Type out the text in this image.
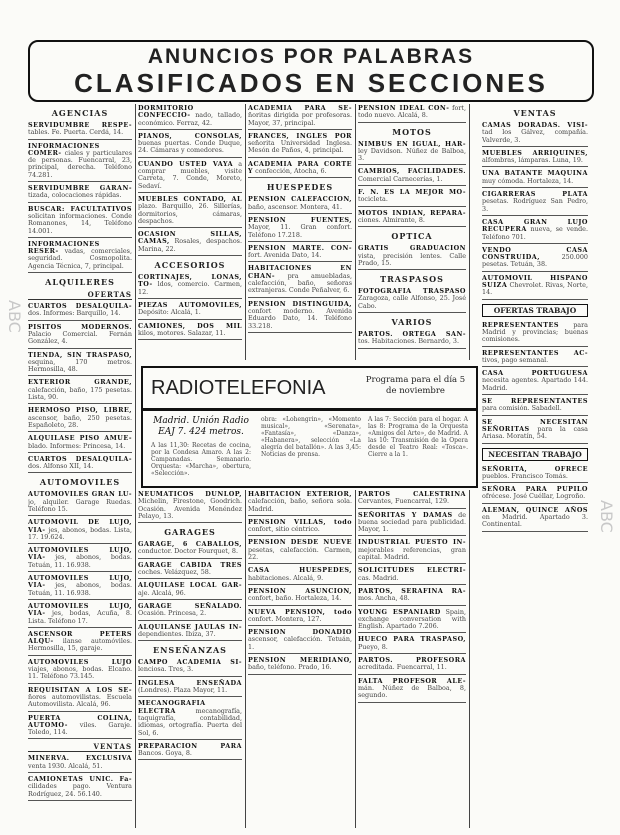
ABC
ABC
ANUNCIOS POR PALABRAS
CLASIFICADOS EN SECCIONES
AGENCIAS
SERVIDUMBRE RESPE- tables. Fe. Puerta. Cerdá, 14.
INFORMACIONES COMER- ciales y particulares de personas. Fuencarral, 23, principal, derecha. Teléfono 74.281.
SERVIDUMBRE GARAN- tizada, colocaciones rápidas.
BUSCAR: FACULTATIVOS solicitan informaciones. Conde Romanones, 14, Teléfono 14.001.
INFORMACIONES RESER- vadas, comerciales, seguridad. Cosmopolita. Agencia Técnica, 7, principal.
ALQUILERES
OFERTAS
CUARTOS DESALQUILA- dos. Informes: Barquillo, 14.
PISITOS MODERNOS. Palacio Comercial. Fernán González, 4.
TIENDA, SIN TRASPASO, esquina, 170 metros. Hermosilla, 48.
EXTERIOR GRANDE, calefacción, baño, 175 pesetas. Lista, 90.
HERMOSO PISO, LIBRE, ascensor, baño, 250 pesetas. Españoleto, 28.
ALQUILASE PISO AMUE- blado. Informes: Princesa, 14.
CUARTOS DESALQUILA- dos. Alfonso XII, 14.
AUTOMOVILES
AUTOMOVILES GRAN LU- jo, alquiler. Garage Ruedas. Teléfono 15.
AUTOMOVIL DE LUJO, VIA- jes, abonos, bodas. Lista, 17. 19.624.
AUTOMOVILES LUJO, VIA- jes, abonos, bodas. Tetuán, 11. 16.938.
AUTOMOVILES LUJO, VIA- jes, abonos, bodas. Tetuán, 11. 16.938.
AUTOMOVILES LUJO, VIA- jes, bodas, Acuña, 8. Lista. Teléfono 17.
ASCENSOR PETERS ALQU- ilanse automóviles. Hermosilla, 15, garaje.
AUTOMOVILES LUJO viajes, abonos, bodas. Elcano. 11. Teléfono 73.145.
REQUISITAN A LOS SE- ñores automovilistas. Escuela Automovilista. Alcalá, 96.
PUERTA COLINA, AUTOMO- viles. Garaje. Toledo, 114.
VENTAS
MINERVA. EXCLUSIVA venta 1930. Alcalá, 51.
CAMIONETAS UNIC. Fa- cilidades pago. Ventura Rodríguez, 24. 56.140.
DORMITORIO CONFECCIO- nado, tallado, económico. Ferraz, 42.
PIANOS, CONSOLAS, buenas puertas. Conde Duque, 24. Cámaras y comedores.
CUANDO USTED VAYA a comprar muebles, visite Carreta, 7. Conde, Moreto, Sedaví.
MUEBLES CONTADO, AL plazo. Barquillo, 26. Sillerías, dormitorios, cámaras, despachos.
OCASION SILLAS, CAMAS, Rosales, despachos. Marina, 22.
ACCESORIOS
CORTINAJES, LONAS, TO- ldos, comercio. Carmen, 12.
PIEZAS AUTOMOVILES, Depósito: Alcalá, 1.
CAMIONES, DOS MIL kilos, motores. Salazar, 11.
NEUMATICOS DUNLOP, Michelin, Firestone, Goodrich. Ocasión. Avenida Menéndez Pelayo, 13.
GARAGES
GARAGE, 6 CABALLOS, conductor. Doctor Fourquet, 8.
GARAGE CABIDA TRES coches. Velázquez, 58.
ALQUILASE LOCAL GAR- aje. Alcalá, 96.
GARAGE SEÑALADO. Ocasión. Princesa, 2.
ALQUILANSE JAULAS IN- dependientes. Ibiza, 37.
ENSEÑANZAS
CAMPO ACADEMIA SI- lenciosa. Tres, 3.
INGLESA ENSEÑADA (Londres). Plaza Mayor, 11.
MECANOGRAFIA ELECTRA	mecanografía, taquigrafía, contabilidad, idiomas, ortografía. Puerta del Sol, 6.
PREPARACION PARA Bancos. Goya, 8.
ACADEMIA PARA SE- ñoritas dirigida por profesoras. Mayor, 37, principal.
FRANCES, INGLES POR señorita Universidad Inglesa. Mesón de Paños, 4, principal.
ACADEMIA PARA CORTE Y confección, Atocha, 6.
HUESPEDES
PENSION CALEFACCION, baño, ascensor. Montera, 41.
PENSION FUENTES, Mayor, 11. Gran confort. Teléfono 17.218.
PENSION MARTE. CON- fort. Avenida Dato, 14.
HABITACIONES EN CHAN- pra amuebladas, calefacción, baño, señoras extranjeras. Conde Peñalver, 6.
PENSION DISTINGUIDA, confort moderno. Avenida Eduardo Dato, 14. Teléfono 33.218.
HABITACION EXTERIOR, calefacción, baño, señora sola. Madrid.
PENSION VILLAS, todo confort, sitio céntrico.
PENSION DESDE NUEVE pesetas, calefacción. Carmen, 22.
CASA HUESPEDES, habitaciones. Alcalá, 9.
PENSION ASUNCION, confort, baño. Hortaleza, 14.
NUEVA PENSION, todo confort. Montera, 127.
PENSION DONADIO ascensor, calefacción. Tetuán, 1.
PENSION MERIDIANO, baño, teléfono. Prado, 16.
PENSION IDEAL CON- fort, todo nuevo. Alcalá, 8.
MOTOS
NIMBUS EN IGUAL, HAR- ley Davidson. Núñez de Balboa, 3.
CAMBIOS, FACILIDADES. Comercial Carnecerías, 1.
F. N. ES LA MEJOR MO- tocicleta.
MOTOS INDIAN, REPARA- ciones. Almirante, 8.
OPTICA
GRATIS GRADUACION vista, precisión lentes. Calle Prado, 15.
TRASPASOS
FOTOGRAFIA TRASPASO Zaragoza, calle Alfonso, 25. José Cabo.
VARIOS
PARTOS. ORTEGA SAN- tos. Habitaciones. Bernardo, 3.
PARTOS CALESTRINA Cervantes, Fuencarral, 129.
SEÑORITAS Y DAMAS de buena sociedad para publicidad. Mayor, 1.
INDUSTRIAL PUESTO IN- mejorables referencias, gran capital. Madrid.
SOLICITUDES ELECTRI- cas. Madrid.
PARTOS, SERAFINA RA- mos. Ancha, 48.
YOUNG ESPANIARD Spain, exchange conversation with English. Apartado 7.206.
HUECO PARA TRASPASO, Pueyo, 8.
PARTOS. PROFESORA acreditada. Fuencarral, 11.
FALTA PROFESOR ALE- mán. Núñez de Balboa, 8, segundo.
VENTAS
CAMAS DORADAS. VISI- tad los Gálvez, compañía. Valverde, 3.
MUEBLES ARRIQUINES, alfombras, lámparas. Luna, 19.
UNA BATANTE MAQUINA muy cómoda. Hortaleza, 14.
CIGARRERAS PLATA pesetas. Rodríguez San Pedro, 3.
CASA GRAN LUJO RECUPERA nueva, se vende. Teléfono 701.
VENDO CASA CONSTRUIDA,	250.000 pesetas. Tetuán, 38.
AUTOMOVIL HISPANO SUIZA Chevrolet. Rivas, Norte, 14.
OFERTAS TRABAJO
REPRESENTANTES para Madrid y provincias; buenas comisiones.
REPRESENTANTES AC- tivos, pago semanal.
CASA PORTUGUESA necesita agentes. Apartado 144. Madrid.
SE REPRESENTANTES para comisión. Sabadell.
SE NECESITAN SEÑORITAS para la casa Ariasa. Moratín, 54.
NECESITAN TRABAJO
SEÑORITA, OFRECE pueblos. Francisco Tomás.
SEÑORA PARA PUPILO ofrécese. José Cuéllar, Logroño.
ALEMAN, QUINCE AÑOS en Madrid. Apartado 3. Continental.
RADIOTELEFONIA	Programa para el día 5 de noviembre
Madrid. Unión Radio EAJ 7. 424 metros.
A las 11,30: Recetas de cocina, por la Condesa Amaro. A las 2: Campanadas. Semanario. Orquesta: «Marcha», obertura, «Selección».
obra: «Lohengrin», «Momento musical», «Serenata», «Fantasía», «Danza», «Habanera», selección «La alegría del batallón». A las 3,45: Noticias de prensa.
A las 7: Sección para el hogar. A las 8: Programa de la Orquesta «Amigos del Arte», de Madrid. A las 10: Transmisión de la Opera desde el Teatro Real: «Tosca». Cierre a la 1.
